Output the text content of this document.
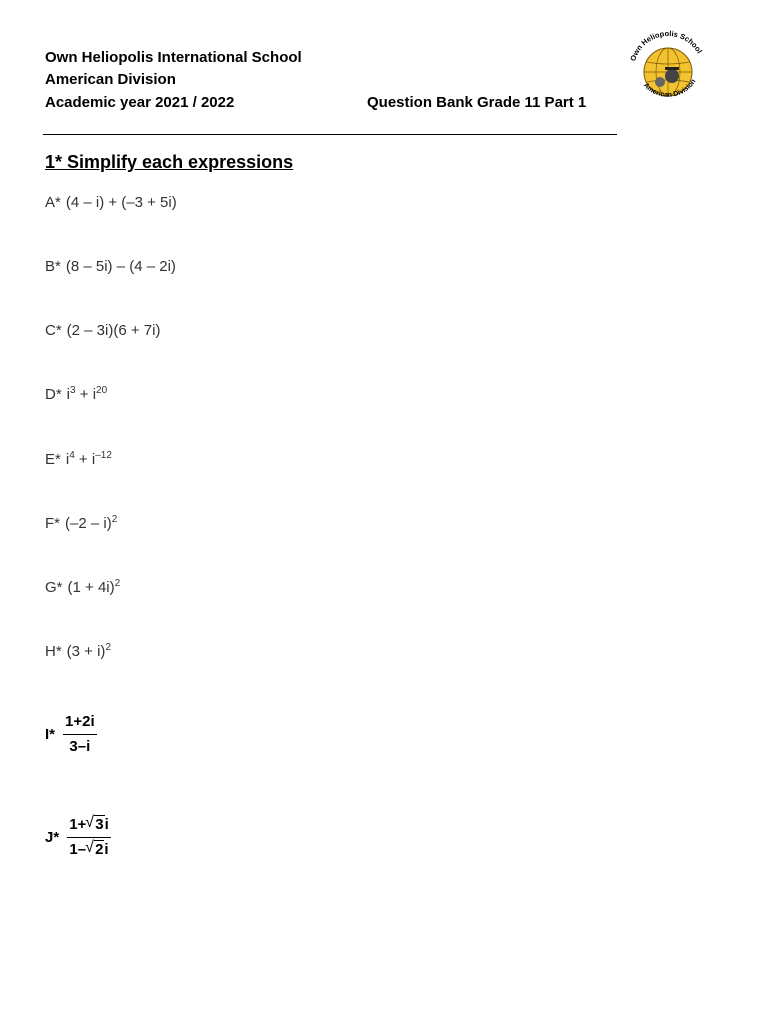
Own Heliopolis International School
American Division
Academic year 2021 / 2022	Question Bank Grade 11 Part 1
Own Heliopolis School
American Division
1* Simplify each expressions
A* (4 – i) + (–3 + 5i)
B* (8 – 5i) – (4 – 2i)
C* (2 – 3i)(6 + 7i)
D* $i^3 + i^{20}$
E* $i^4 + i^{-12}$
F* (–2 – i)$^2$
G* $(1 + 4i)^2$
H* $(3 + i)^2$
$I* \frac{1+2i}{3-i}$
$J* \frac{1+ √ 3i}{1- √ 2i}$
